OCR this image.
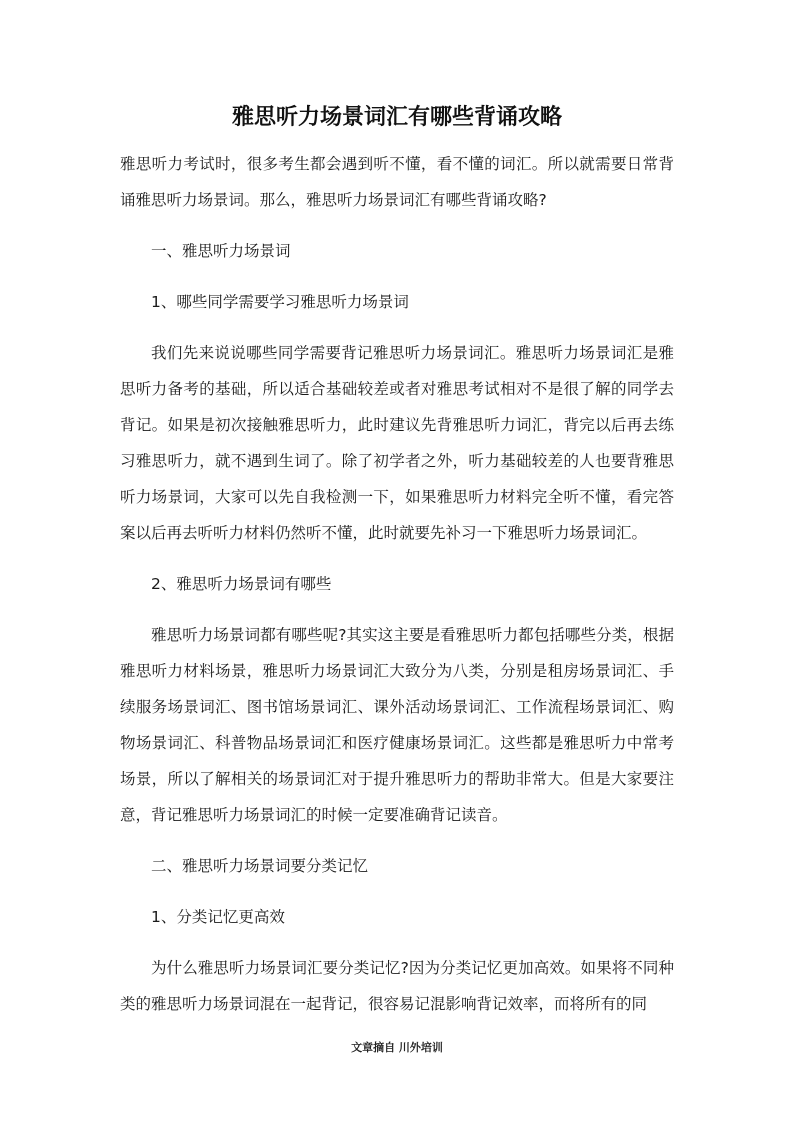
雅思听力场景词汇有哪些背诵攻略

雅思听力考试时，很多考生都会遇到听不懂，看不懂的词汇。所以就需要日常背诵雅思听力场景词。那么，雅思听力场景词汇有哪些背诵攻略?

一、雅思听力场景词

1、哪些同学需要学习雅思听力场景词

我们先来说说哪些同学需要背记雅思听力场景词汇。雅思听力场景词汇是雅思听力备考的基础，所以适合基础较差或者对雅思考试相对不是很了解的同学去背记。如果是初次接触雅思听力，此时建议先背雅思听力词汇，背完以后再去练习雅思听力，就不遇到生词了。除了初学者之外，听力基础较差的人也要背雅思听力场景词，大家可以先自我检测一下，如果雅思听力材料完全听不懂，看完答案以后再去听听力材料仍然听不懂，此时就要先补习一下雅思听力场景词汇。

2、雅思听力场景词有哪些

雅思听力场景词都有哪些呢?其实这主要是看雅思听力都包括哪些分类，根据雅思听力材料场景，雅思听力场景词汇大致分为八类，分别是租房场景词汇、手续服务场景词汇、图书馆场景词汇、课外活动场景词汇、工作流程场景词汇、购物场景词汇、科普物品场景词汇和医疗健康场景词汇。这些都是雅思听力中常考场景，所以了解相关的场景词汇对于提升雅思听力的帮助非常大。但是大家要注意，背记雅思听力场景词汇的时候一定要准确背记读音。

二、雅思听力场景词要分类记忆

1、分类记忆更高效

为什么雅思听力场景词汇要分类记忆?因为分类记忆更加高效。如果将不同种类的雅思听力场景词混在一起背记，很容易记混影响背记效率，而将所有的同

文章摘自 川外培训
